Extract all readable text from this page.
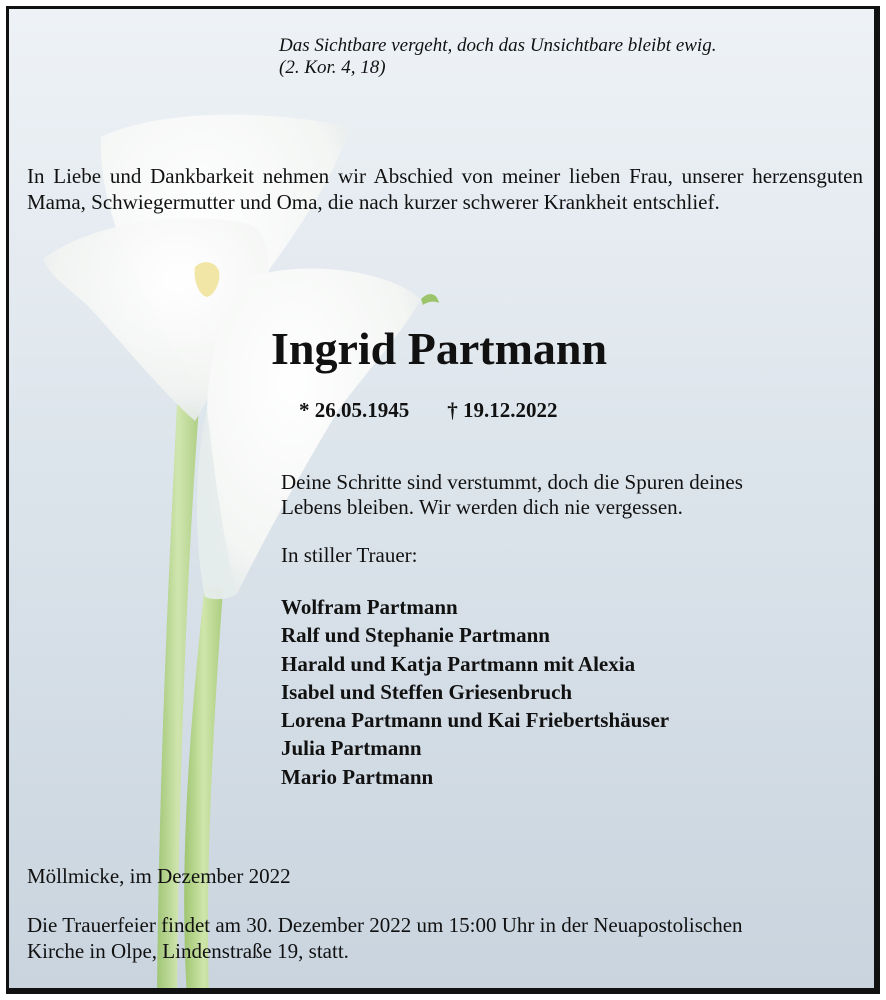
Das Sichtbare vergeht, doch das Unsichtbare bleibt ewig.
(2. Kor. 4, 18)

In Liebe und Dankbarkeit nehmen wir Abschied von meiner lieben Frau, unserer herzensguten Mama, Schwiegermutter und Oma, die nach kurzer schwerer Krankheit entschlief.

Ingrid Partmann

* 26.05.1945 † 19.12.2022

Deine Schritte sind verstummt, doch die Spuren deines
Lebens bleiben. Wir werden dich nie vergessen.

In stiller Trauer:

Wolfram Partmann
Ralf und Stephanie Partmann
Harald und Katja Partmann mit Alexia
Isabel und Steffen Griesenbruch
Lorena Partmann und Kai Friebertshäuser
Julia Partmann
Mario Partmann

Möllmicke, im Dezember 2022

Die Trauerfeier findet am 30. Dezember 2022 um 15:00 Uhr in der Neuapostolischen
Kirche in Olpe, Lindenstraße 19, statt.
